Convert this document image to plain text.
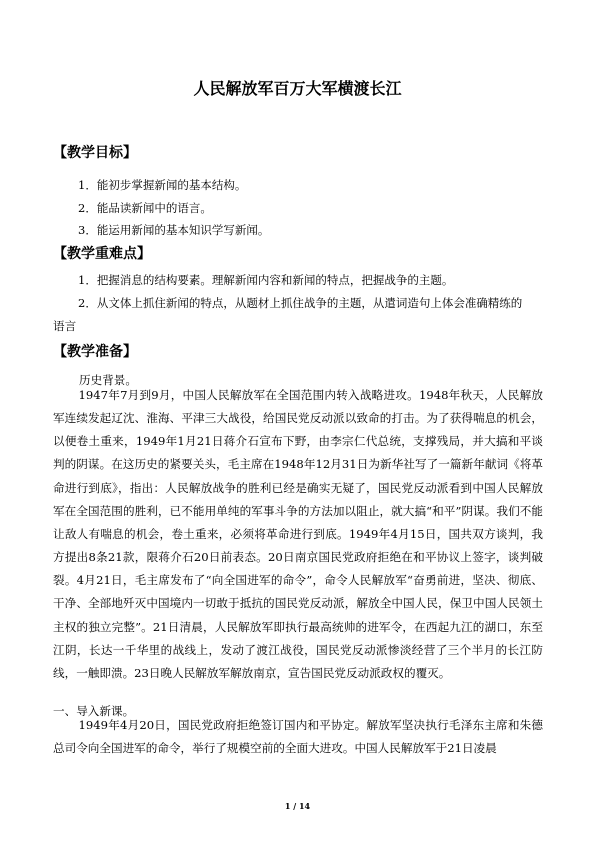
人民解放军百万大军横渡长江
【教学目标】
1．能初步掌握新闻的基本结构。
2．能品读新闻中的语言。
3．能运用新闻的基本知识学写新闻。
【教学重难点】
1．把握消息的结构要素。理解新闻内容和新闻的特点，把握战争的主题。
2．从文体上抓住新闻的特点，从题材上抓住战争的主题，从遣词造句上体会准确精练的
语言
【教学准备】
历史背景。

1947年7月到9月，中国人民解放军在全国范围内转入战略进攻。1948年秋天，人民解放军连续发起辽沈、淮海、平津三大战役，给国民党反动派以致命的打击。为了获得喘息的机会，以便卷土重来，1949年1月21日蒋介石宣布下野，由李宗仁代总统，支撑残局，并大搞和平谈判的阴谋。在这历史的紧要关头，毛主席在1948年12月31日为新华社写了一篇新年献词《将革命进行到底》，指出：人民解放战争的胜利已经是确实无疑了，国民党反动派看到中国人民解放军在全国范围的胜利，已不能用单纯的军事斗争的方法加以阻止，就大搞“和平”阴谋。我们不能让敌人有喘息的机会，卷土重来，必须将革命进行到底。1949年4月15日，国共双方谈判，我方提出8条21款，限蒋介石20日前表态。20日南京国民党政府拒绝在和平协议上签字，谈判破裂。4月21日，毛主席发布了“向全国进军的命令”，命令人民解放军“奋勇前进，坚决、彻底、干净、全部地歼灭中国境内一切敢于抵抗的国民党反动派，解放全中国人民，保卫中国人民领土主权的独立完整”。21日清晨，人民解放军即执行最高统帅的进军令，在西起九江的湖口，东至江阴，长达一千华里的战线上，发动了渡江战役，国民党反动派惨淡经营了三个半月的长江防线，一触即溃。23日晚人民解放军解放南京，宣告国民党反动派政权的覆灭。

一、导入新课。

1949年4月20日，国民党政府拒绝签订国内和平协定。解放军坚决执行毛泽东主席和朱德总司令向全国进军的命令，举行了规模空前的全面大进攻。中国人民解放军于21日凌晨

1 / 14
